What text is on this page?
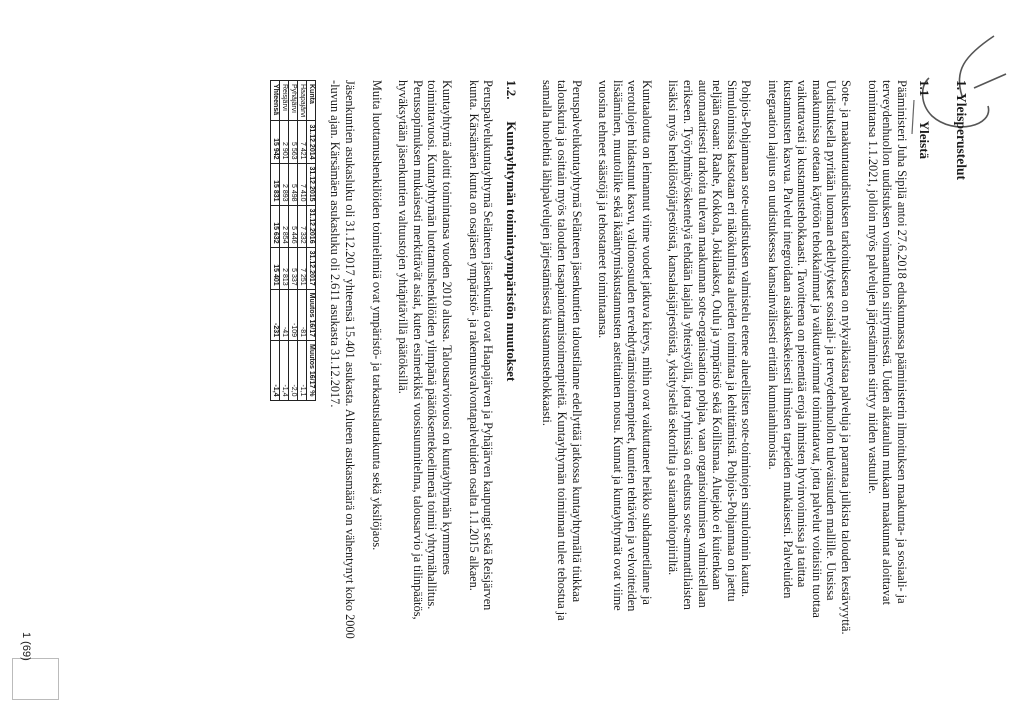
1. Yleisperustelut
1.1 Yleistä

Pääministeri Juha Sipilä antoi 27.6.2018 eduskunnassa pääministerin ilmoituksen maakunta- ja sosiaali- ja terveydenhuollon uudistuksen voimaantulon siirtymisestä. Uuden aikataulun mukaan maakunnat aloittavat toimintansa 1.1.2021, jolloin myös palvelujen järjestäminen siirtyy niiden vastuulle.

Sote- ja maakuntauudistuksen tarkoituksena on nykyaikaistaa palveluja ja parantaa julkista talouden kestävyyttä. Uudistuksella pyritään luomaan edellytykset sosiaali- ja terveydenhuollon tulevaisuuden mallille. Uusissa maakunnissa otetaan käyttöön tehokkaimmat ja vaikuttavimmat toimintatavat, jotta palvelut voitaisiin tuottaa vaikuttavasti ja kustannustehokkaasti. Tavoitteena on pienentää eroja ihmisten hyvinvoinnissa ja taittaa kustannusten kasvua. Palvelut integroidaan asiakaskeskeisesti ihmisten tarpeiden mukaisesti. Palveluiden integraation laajuus on uudistuksessa kansainvälisesti erittäin kunnianhimoista.

Pohjois-Pohjanmaan sote-uudistuksen valmistelu etenee alueellisten sote-toimintojen simuloinnin kautta. Simuloinnissa katsotaan eri näkökulmista alueiden toimintaa ja kehittämistä. Pohjois-Pohjanmaa on jaettu neljään osaan: Raahe, Kokkola, Jokilaaksot, Oulu ja ympäristö sekä Koillismaa. Aluejako ei kuitenkaan automaattisesti tarkoita tulevan maakunnan sote-organisaation pohjaa, vaan organisoitumisen valmistellaan erikseen. Työryhmätyöskentelyä tehdään laajalla yhteistyöllä, jotta ryhmissä on edustus sote-ammattilaisten lisäksi myös henkilöstöjärjestöistä, kansalaisjärjestöistä, yksityiseltä sektorilta ja sairaanhoitopiiriltä.

Kuntaaloutta on leimannut viime vuodet jatkuva kireys, mihin ovat vaikuttaneet heikko suhdannetilanne ja verotulojen hidastunut kasvu, valtionosuuden tervehdyttämistoimenpiteet, kuntien tehtävien ja velvoitteiden lisääminen, muutoliike sekä ikääntymiskustannusten asteittainen nousu. Kunnat ja kuntayhtymät ovat viime vuosina tehneet säästöjä ja tehostaneet toimintaansa.

Peruspalvelukuntayhtymä Selänteen jäsenkuntien taloustilanne edellyttää jatkossa kuntayhtymältä tiukkaa talouskuria ja osittain myös talouden tasapainottamistoimenpiteitä. Kuntayhtymän toiminnan tulee tehostua ja samalla huolehtia lähipalvelujen järjestämisestä kustannustehokkaasti.

1.2. Kuntayhtymän toimintaympäristön muutokset

Peruspalvelukuntayhtymä Selänteen jäsenkuntia ovat Haapajärven ja Pyhäjärven kaupungit sekä Reisjärven kunta. Kärsämäen kunta on osajäsen ympäristö- ja rakennusvalvontapalveluiden osalta 1.1.2015 alkaen.

Kuntayhtymä aloitti toimintansa vuoden 2010 alussa. Talousarviovuosi on kuntayhtymän kymmenes toimintavuosi. Kuntayhtymän luottamushenkilöiden ylimpänä päätöksentekoelimenä toimii yhtymähallitus. Perussopimuksen mukaisesti merkittävät asiat, kuten esimerkiksi vuosisuunnitelma, talousarvio ja tilinpäätös, hyväksytään jäsenkuntien valtuustojen yhtäpitävillä päätöksillä.

Muita luottamushenkilöiden toimielimiä ovat ympäristö- ja tarkastuslautakunta sekä yksilöjaos.

Jäsenkuntien asukasluku oli 31.12.2017 yhteensä 15.401 asukasta. Alueen asukasmäärä on vähentynyt koko 2000 -luvun ajan. Kärsämäen asukasluku oli 2.611 asukasta 31.12.2017.

Kunta	31.12.2014	31.12.2015	31.12.2016	31.12.2017	Muutos 16/17	Muutos 16/17 %
Haapajärvi	7 421	7 410	7 332	7 251	-81	-1,1
Pyhäjärvi	5 563	5 498	5 446	5 337	-109	-2,0
Reisjärvi	2 901	2 893	2 854	2 813	-41	-1,4
Yhteensä	15 942	15 831	15 632	15 401	-231	-1,4
1 (69)
